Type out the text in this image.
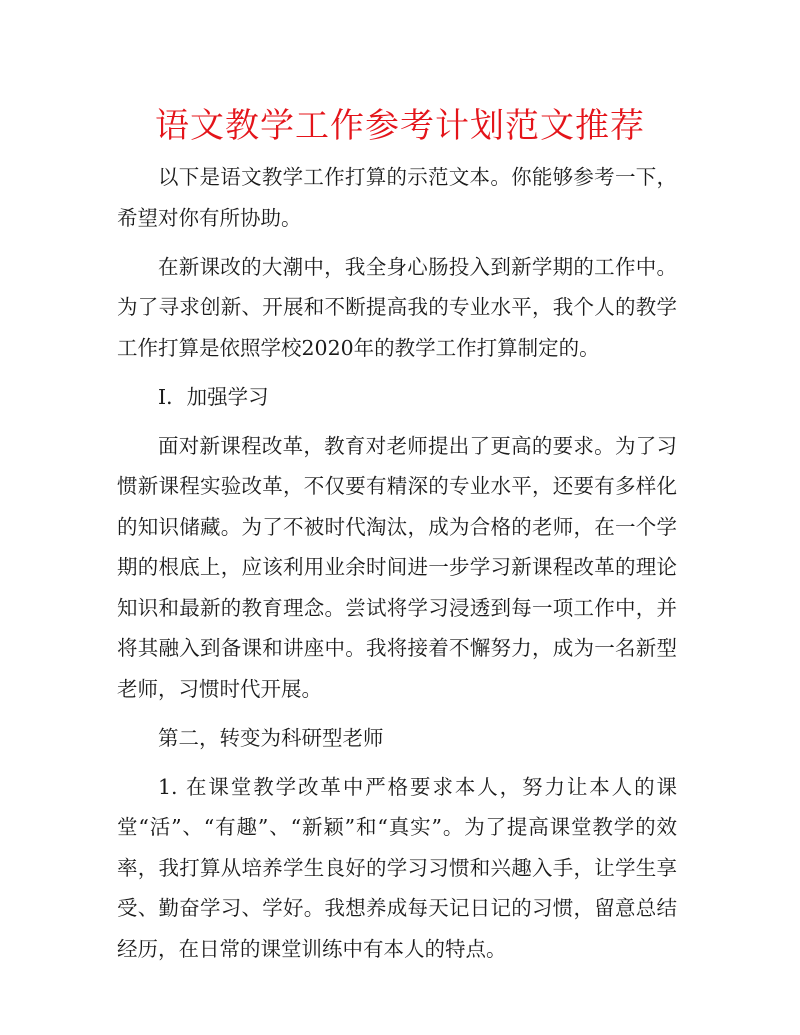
语文教学工作参考计划范文推荐

以下是语文教学工作打算的示范文本。你能够参考一下，希望对你有所协助。

在新课改的大潮中，我全身心肠投入到新学期的工作中。为了寻求创新、开展和不断提高我的专业水平，我个人的教学工作打算是依照学校2020年的教学工作打算制定的。

I．加强学习

面对新课程改革，教育对老师提出了更高的要求。为了习惯新课程实验改革，不仅要有精深的专业水平，还要有多样化的知识储藏。为了不被时代淘汰，成为合格的老师，在一个学期的根底上，应该利用业余时间进一步学习新课程改革的理论知识和最新的教育理念。尝试将学习浸透到每一项工作中，并将其融入到备课和讲座中。我将接着不懈努力，成为一名新型老师，习惯时代开展。

第二，转变为科研型老师

1. 在课堂教学改革中严格要求本人，努力让本人的课堂“活”、“有趣”、“新颖”和“真实”。为了提高课堂教学的效率，我打算从培养学生良好的学习习惯和兴趣入手，让学生享受、勤奋学习、学好。我想养成每天记日记的习惯，留意总结经历，在日常的课堂训练中有本人的特点。
